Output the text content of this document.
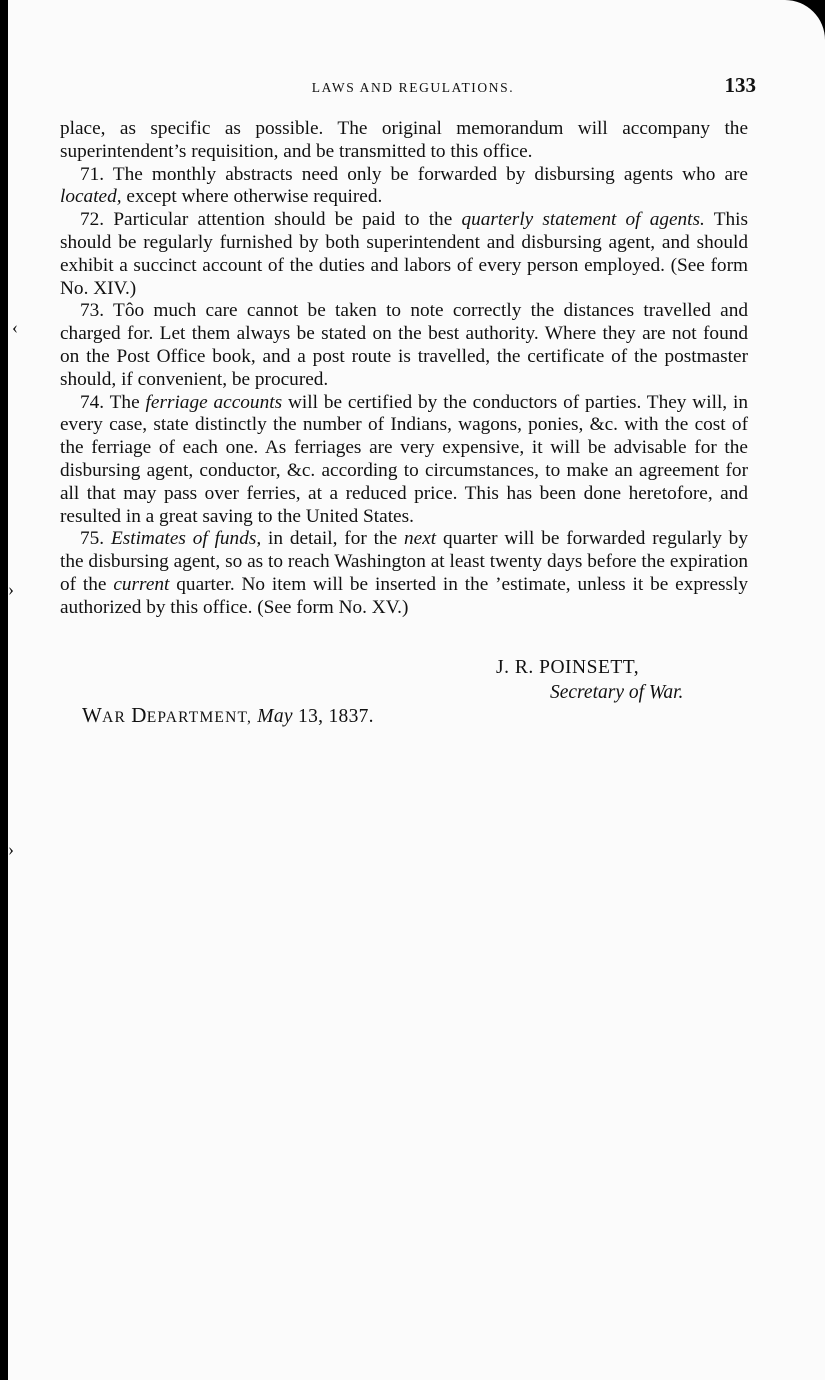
‹
›
›
LAWS AND REGULATIONS.	133

place, as specific as possible. The original memorandum will accompany the superintendent’s requisition, and be transmitted to this office.

71. The monthly abstracts need only be forwarded by disbursing agents who are located, except where otherwise required.

72. Particular attention should be paid to the quarterly statement of agents. This should be regularly furnished by both superintendent and disbursing agent, and should exhibit a succinct account of the duties and labors of every person employed. (See form No. XIV.)

73. Tôo much care cannot be taken to note correctly the distances travelled and charged for. Let them always be stated on the best authority. Where they are not found on the Post Office book, and a post route is travelled, the certificate of the postmaster should, if convenient, be procured.

74. The ferriage accounts will be certified by the conductors of parties. They will, in every case, state distinctly the number of Indians, wagons, ponies, &c. with the cost of the ferriage of each one. As ferriages are very expensive, it will be advisable for the disbursing agent, conductor, &c. according to circumstances, to make an agreement for all that may pass over ferries, at a reduced price. This has been done heretofore, and resulted in a great saving to the United States.

75. Estimates of funds, in detail, for the next quarter will be forwarded regularly by the disbursing agent, so as to reach Washington at least twenty days before the expiration of the current quarter. No item will be inserted in the ’estimate, unless it be expressly authorized by this office. (See form No. XV.)

J. R. POINSETT,
Secretary of War.
WAR DEPARTMENT, May 13, 1837.
